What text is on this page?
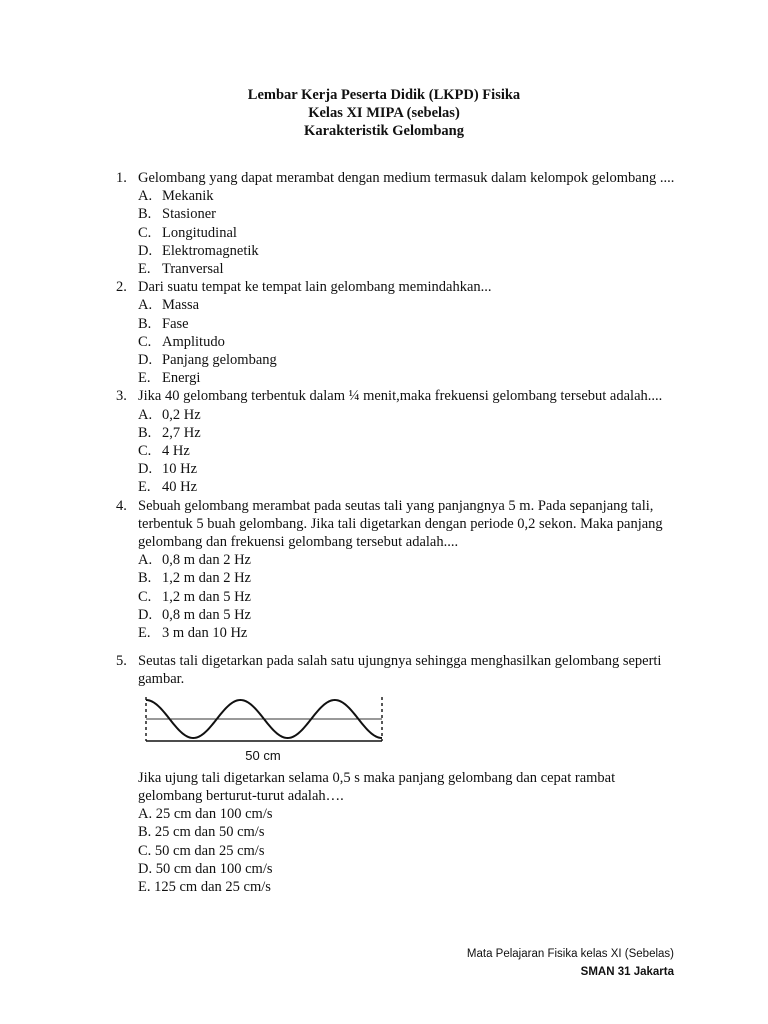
Lembar Kerja Peserta Didik (LKPD) Fisika
Kelas XI MIPA (sebelas)
Karakteristik Gelombang
1. Gelombang yang dapat merambat dengan medium termasuk dalam kelompok gelombang ....
A. Mekanik
B. Stasioner
C. Longitudinal
D. Elektromagnetik
E. Tranversal
2. Dari suatu tempat ke tempat lain gelombang memindahkan...
A. Massa
B. Fase
C. Amplitudo
D. Panjang gelombang
E. Energi
3. Jika 40 gelombang terbentuk dalam ¼ menit,maka frekuensi gelombang tersebut adalah....
A. 0,2 Hz
B. 2,7 Hz
C. 4 Hz
D. 10 Hz
E. 40 Hz
4. Sebuah gelombang merambat pada seutas tali yang panjangnya 5 m. Pada sepanjang tali, terbentuk 5 buah gelombang. Jika tali digetarkan dengan periode 0,2 sekon. Maka panjang gelombang dan frekuensi gelombang tersebut adalah....
A. 0,8 m dan 2 Hz
B. 1,2 m dan 2 Hz
C. 1,2 m dan 5 Hz
D. 0,8 m dan 5 Hz
E. 3 m dan 10 Hz
5. Seutas tali digetarkan pada salah satu ujungnya sehingga menghasilkan gelombang seperti gambar.
50 cm
Jika ujung tali digetarkan selama 0,5 s maka panjang gelombang dan cepat rambat gelombang berturut-turut adalah….
A. 25 cm dan 100 cm/s
B. 25 cm dan 50 cm/s
C. 50 cm dan 25 cm/s
D. 50 cm dan 100 cm/s
E. 125 cm dan 25 cm/s
Mata Pelajaran Fisika kelas XI (Sebelas)
SMAN 31 Jakarta
